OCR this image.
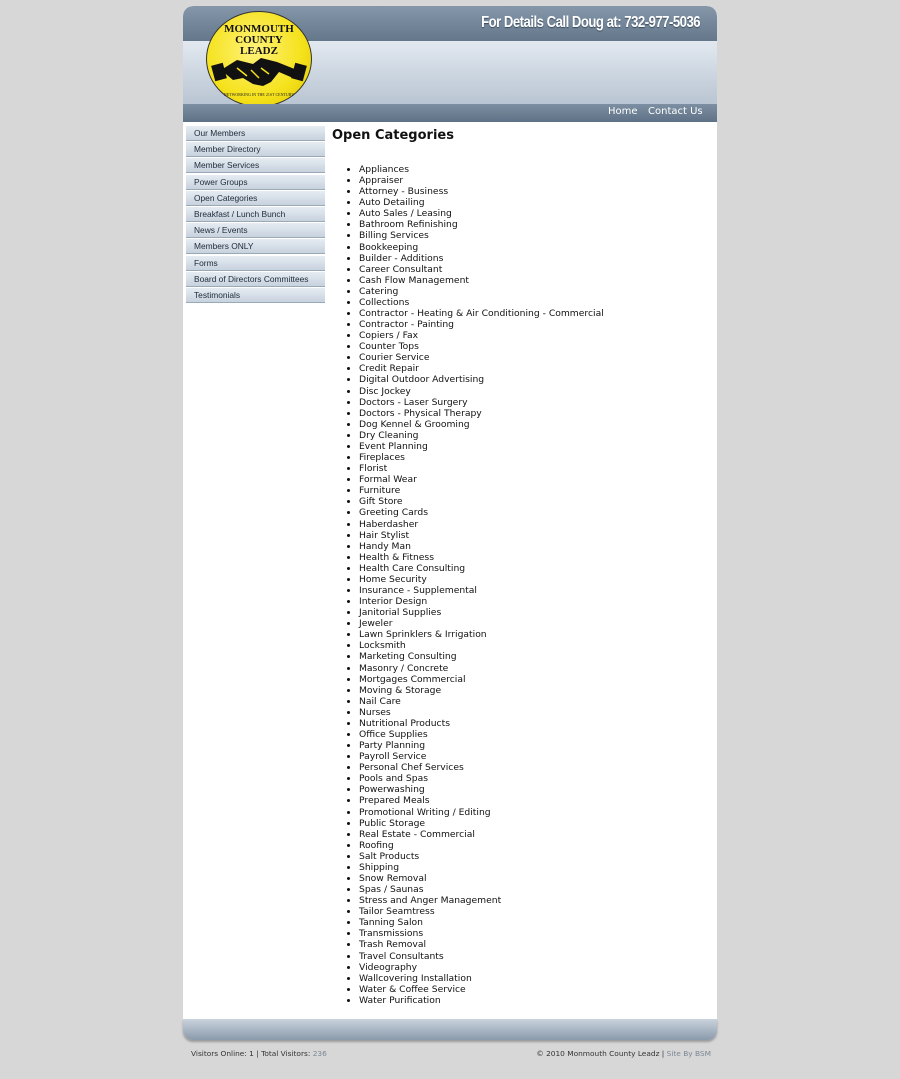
For Details Call Doug at: 732-977-5036
MONMOUTH
COUNTY
LEADZ
NETWORKING IN THE 21ST CENTURY
Home Contact Us
Our Members
Member Directory
Member Services
Power Groups
Open Categories
Breakfast / Lunch Bunch
News / Events
Members ONLY
Forms
Board of Directors Committees
Testimonials
Open Categories
• Appliances
• Appraiser
• Attorney - Business
• Auto Detailing
• Auto Sales / Leasing
• Bathroom Refinishing
• Billing Services
• Bookkeeping
• Builder - Additions
• Career Consultant
• Cash Flow Management
• Catering
• Collections
• Contractor - Heating & Air Conditioning - Commercial
• Contractor - Painting
• Copiers / Fax
• Counter Tops
• Courier Service
• Credit Repair
• Digital Outdoor Advertising
• Disc Jockey
• Doctors - Laser Surgery
• Doctors - Physical Therapy
• Dog Kennel & Grooming
• Dry Cleaning
• Event Planning
• Fireplaces
• Florist
• Formal Wear
• Furniture
• Gift Store
• Greeting Cards
• Haberdasher
• Hair Stylist
• Handy Man
• Health & Fitness
• Health Care Consulting
• Home Security
• Insurance - Supplemental
• Interior Design
• Janitorial Supplies
• Jeweler
• Lawn Sprinklers & Irrigation
• Locksmith
• Marketing Consulting
• Masonry / Concrete
• Mortgages Commercial
• Moving & Storage
• Nail Care
• Nurses
• Nutritional Products
• Office Supplies
• Party Planning
• Payroll Service
• Personal Chef Services
• Pools and Spas
• Powerwashing
• Prepared Meals
• Promotional Writing / Editing
• Public Storage
• Real Estate - Commercial
• Roofing
• Salt Products
• Shipping
• Snow Removal
• Spas / Saunas
• Stress and Anger Management
• Tailor Seamtress
• Tanning Salon
• Transmissions
• Trash Removal
• Travel Consultants
• Videography
• Wallcovering Installation
• Water & Coffee Service
• Water Purification
Visitors Online: 1 | Total Visitors: 236	© 2010 Monmouth County Leadz | Site By BSM
